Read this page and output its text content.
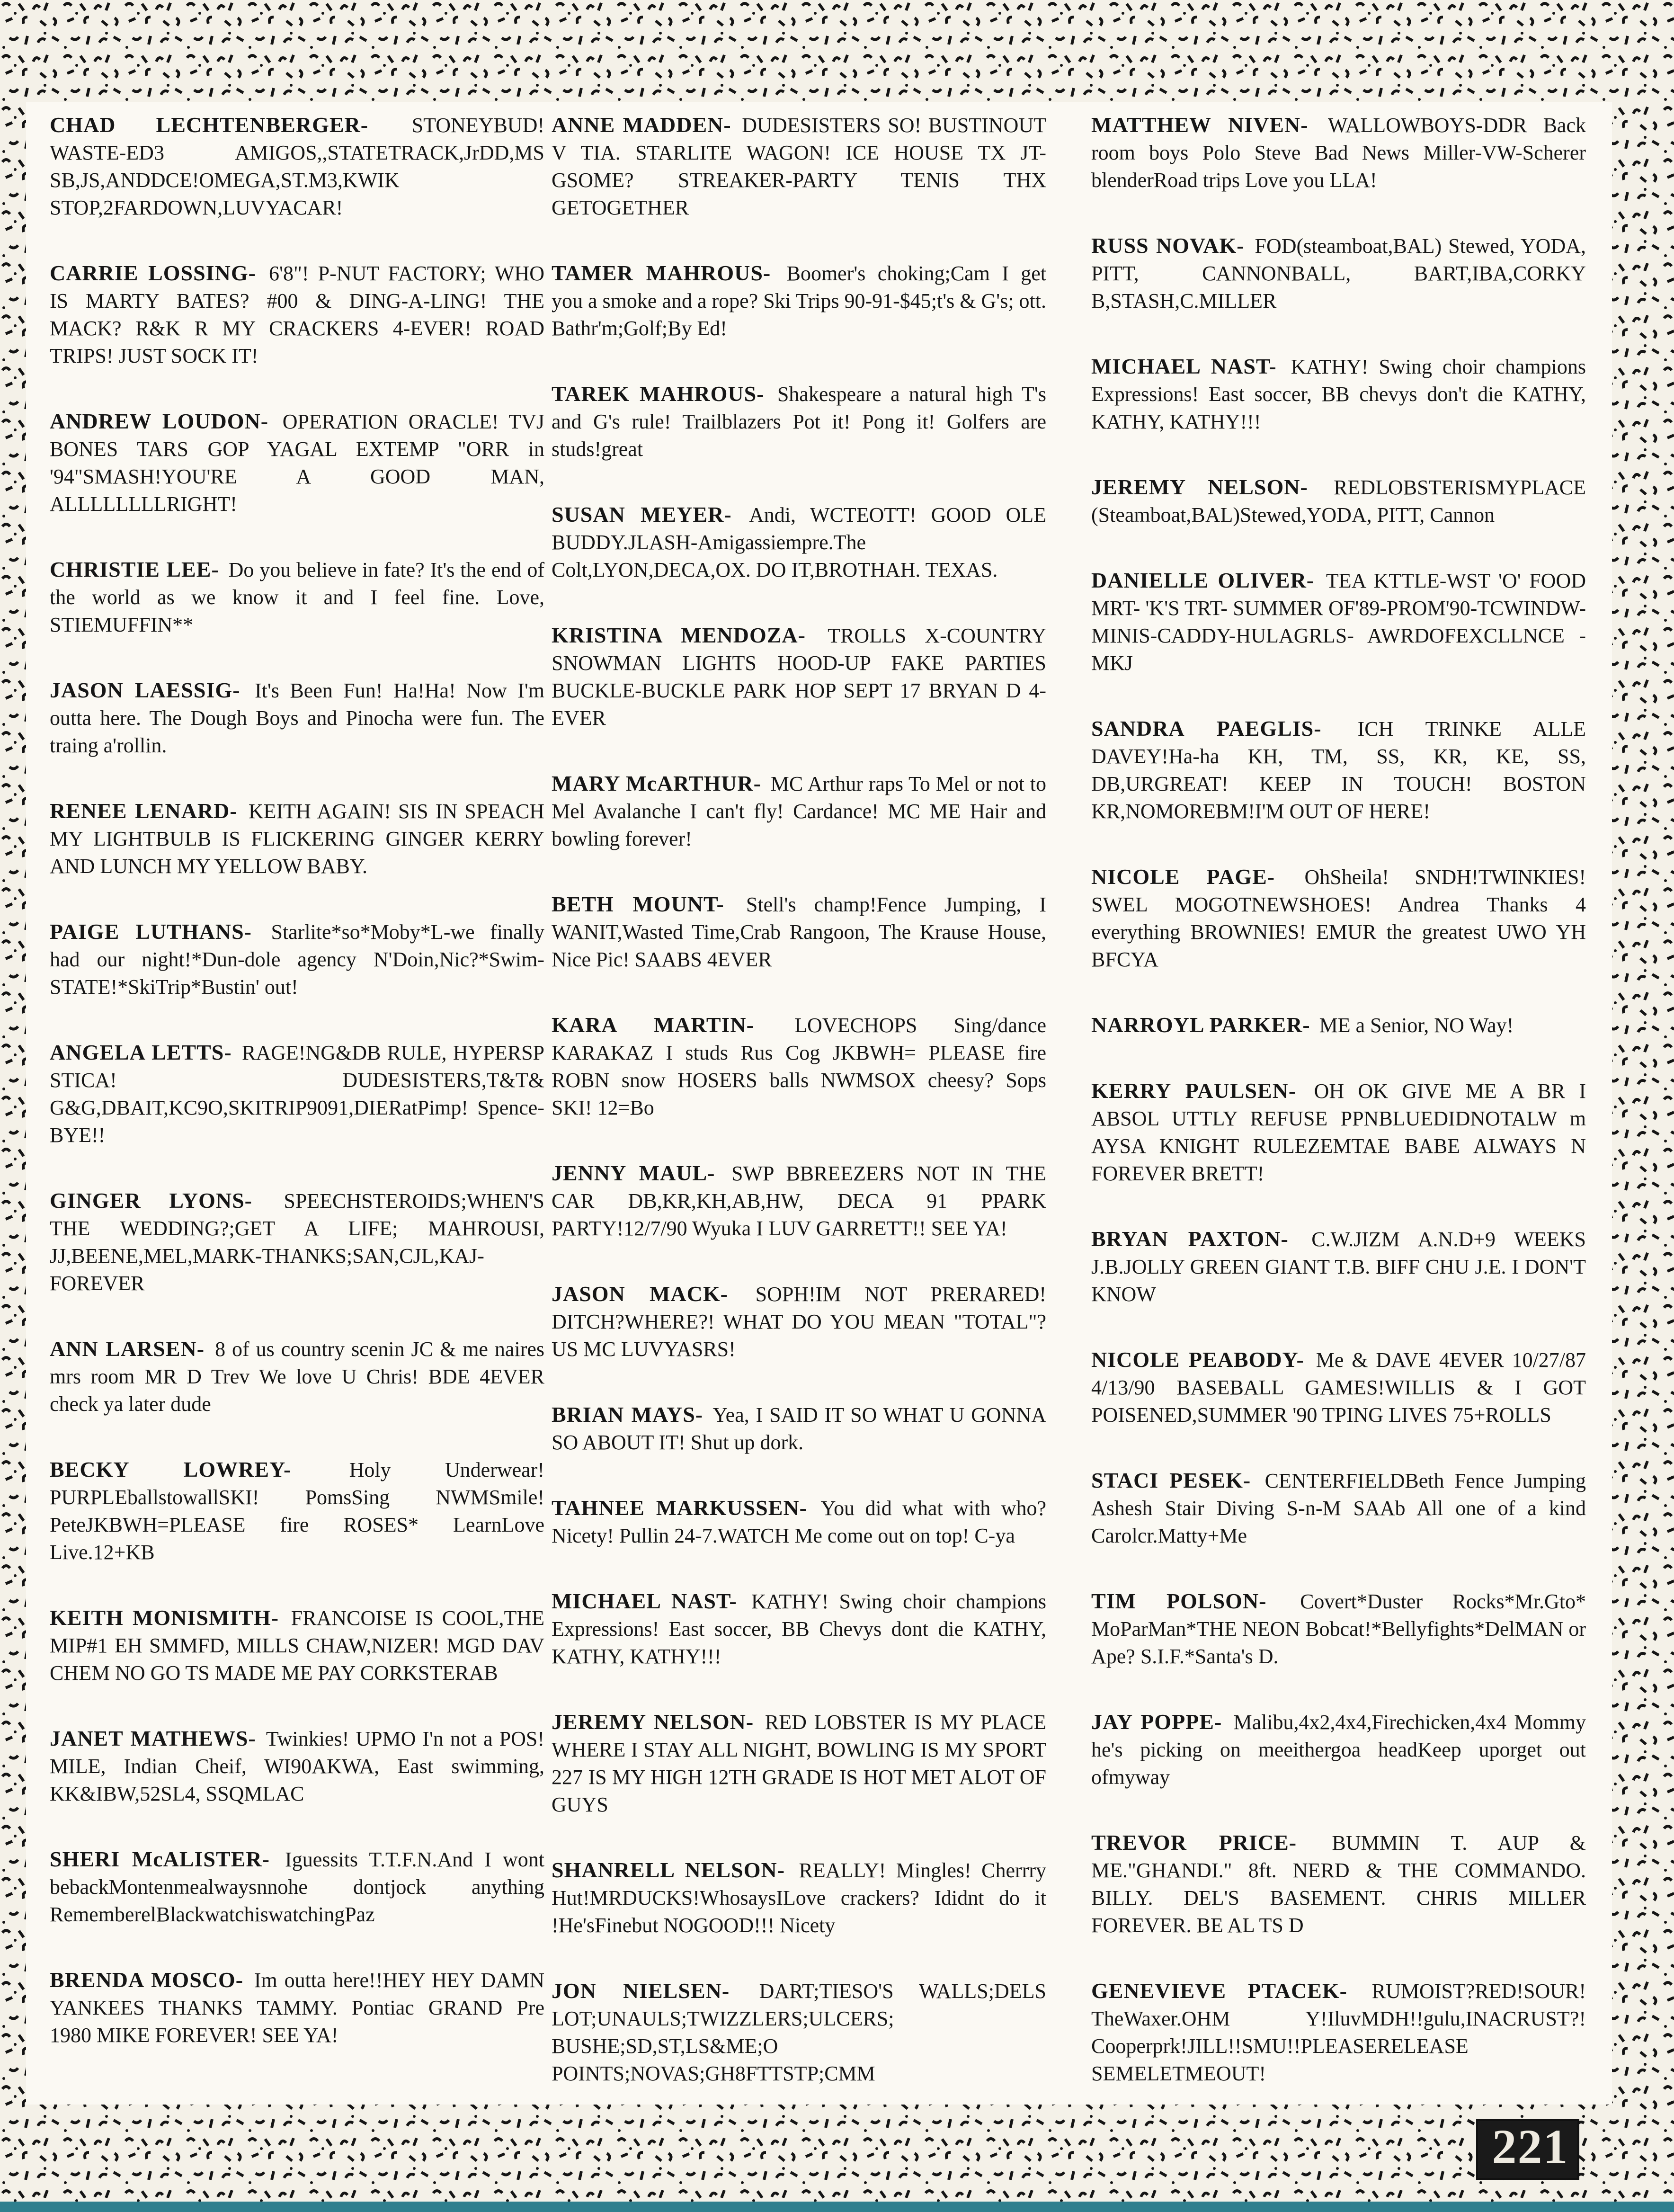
CHAD LECHTENBERGER- STONEYBUD! WASTE-ED3 AMIGOS,,STATETRACK,JrDD,MS SB,JS,ANDDCE!OMEGA,ST.M3,KWIK STOP,2FARDOWN,LUVYACAR!

CARRIE LOSSING- 6'8"! P-NUT FACTORY; WHO IS MARTY BATES? #00 & DING-A-LING! THE MACK? R&K R MY CRACKERS 4-EVER! ROAD TRIPS! JUST SOCK IT!

ANDREW LOUDON- OPERATION ORACLE! TVJ BONES TARS GOP YAGAL EXTEMP "ORR in '94"SMASH!YOU'RE A GOOD MAN, ALLLLLLLLRIGHT!

CHRISTIE LEE- Do you believe in fate? It's the end of the world as we know it and I feel fine. Love, STIEMUFFIN**

JASON LAESSIG- It's Been Fun! Ha!Ha! Now I'm outta here. The Dough Boys and Pinocha were fun. The traing a'rollin.

RENEE LENARD- KEITH AGAIN! SIS IN SPEACH MY LIGHTBULB IS FLICKERING GINGER KERRY AND LUNCH MY YELLOW BABY.

PAIGE LUTHANS- Starlite*so*Moby*L-we finally had our night!*Dun-dole agency N'Doin,Nic?*Swim-STATE!*SkiTrip*Bustin' out!

ANGELA LETTS- RAGE!NG&DB RULE, HYPERSP STICA! DUDESISTERS,T&T& G&G,DBAIT,KC9O,SKITRIP9091,DIERatPimp! Spence-BYE!!

GINGER LYONS- SPEECHSTEROIDS;WHEN'S THE WEDDING?;GET A LIFE; MAHROUSI, JJ,BEENE,MEL,MARK-THANKS;SAN,CJL,KAJ-FOREVER

ANN LARSEN- 8 of us country scenin JC & me naires mrs room MR D Trev We love U Chris! BDE 4EVER check ya later dude

BECKY LOWREY-	Holy Underwear! PURPLEballstowallSKI! PomsSing NWMSmile! PeteJKBWH=PLEASE fire ROSES* LearnLove Live.12+KB

KEITH MONISMITH- FRANCOISE IS COOL,THE MIP#1 EH SMMFD, MILLS CHAW,NIZER! MGD DAV CHEM NO GO TS MADE ME PAY CORKSTERAB

JANET MATHEWS- Twinkies! UPMO I'n not a POS! MILE, Indian Cheif, WI90AKWA, East swimming, KK&IBW,52SL4, SSQMLAC

SHERI McALISTER- Iguessits T.T.F.N.And I wont bebackMontenmealwaysnnohe dontjock anything RememberelBlackwatchiswatchingPaz

BRENDA MOSCO- Im outta here!!HEY HEY DAMN YANKEES THANKS TAMMY. Pontiac GRAND Pre 1980 MIKE FOREVER! SEE YA!

ANNE MADDEN- DUDESISTERS SO! BUSTINOUT V TIA. STARLITE WAGON! ICE HOUSE TX JT-GSOME? STREAKER-PARTY TENIS THX GETOGETHER

TAMER MAHROUS- Boomer's choking;Cam I get you a smoke and a rope? Ski Trips 90-91-$45;t's & G's; ott. Bathr'm;Golf;By Ed!

TAREK MAHROUS- Shakespeare a natural high T's and G's rule! Trailblazers Pot it! Pong it! Golfers are studs!great

SUSAN MEYER- Andi, WCTEOTT! GOOD OLE BUDDY.JLASH-Amigassiempre.The Colt,LYON,DECA,OX. DO IT,BROTHAH. TEXAS.

KRISTINA MENDOZA- TROLLS X-COUNTRY SNOWMAN LIGHTS HOOD-UP FAKE PARTIES BUCKLE-BUCKLE PARK HOP SEPT 17 BRYAN D 4-EVER

MARY McARTHUR- MC Arthur raps To Mel or not to Mel Avalanche I can't fly! Cardance! MC ME Hair and bowling forever!

BETH MOUNT- Stell's champ!Fence Jumping, I WANIT,Wasted Time,Crab Rangoon, The Krause House, Nice Pic! SAABS 4EVER

KARA MARTIN- LOVECHOPS Sing/dance KARAKAZ I studs Rus Cog JKBWH= PLEASE fire ROBN snow HOSERS balls NWMSOX cheesy? Sops SKI! 12=Bo

JENNY MAUL- SWP BBREEZERS NOT IN THE CAR DB,KR,KH,AB,HW, DECA 91 PPARK PARTY!12/7/90 Wyuka I LUV GARRETT!! SEE YA!

JASON MACK- SOPH!IM NOT PRERARED! DITCH?WHERE?! WHAT DO YOU MEAN "TOTAL"? US MC LUVYASRS!

BRIAN MAYS- Yea, I SAID IT SO WHAT U GONNA SO ABOUT IT! Shut up dork.

TAHNEE MARKUSSEN- You did what with who? Nicety! Pullin 24-7.WATCH Me come out on top! C-ya

MICHAEL NAST- KATHY! Swing choir champions Expressions! East soccer, BB Chevys dont die KATHY, KATHY, KATHY!!!

JEREMY NELSON- RED LOBSTER IS MY PLACE WHERE I STAY ALL NIGHT, BOWLING IS MY SPORT 227 IS MY HIGH 12TH GRADE IS HOT MET ALOT OF GUYS

SHANRELL NELSON- REALLY! Mingles! Cherrry Hut!MRDUCKS!WhosaysILove crackers? Ididnt do it !He'sFinebut NOGOOD!!! Nicety

JON NIELSEN- DART;TIESO'S WALLS;DELS LOT;UNAULS;TWIZZLERS;ULCERS; BUSHE;SD,ST,LS&ME;O POINTS;NOVAS;GH8FTTSTP;CMM

MATTHEW NIVEN- WALLOWBOYS-DDR Back room boys Polo Steve Bad News Miller-VW-Scherer blenderRoad trips Love you LLA!

RUSS NOVAK- FOD(steamboat,BAL) Stewed, YODA, PITT, CANNONBALL, BART,IBA,CORKY B,STASH,C.MILLER

MICHAEL NAST- KATHY! Swing choir champions Expressions! East soccer, BB chevys don't die KATHY, KATHY, KATHY!!!

JEREMY NELSON- REDLOBSTERISMYPLACE (Steamboat,BAL)Stewed,YODA, PITT, Cannon

DANIELLE OLIVER- TEA KTTLE-WST 'O' FOOD MRT- 'K'S TRT- SUMMER OF'89-PROM'90-TCWINDW-MINIS-CADDY-HULAGRLS- AWRDOFEXCLLNCE -MKJ

SANDRA PAEGLIS- ICH TRINKE ALLE DAVEY!Ha-ha KH, TM, SS, KR, KE, SS, DB,URGREAT! KEEP IN TOUCH! BOSTON KR,NOMOREBM!I'M OUT OF HERE!

NICOLE PAGE- OhSheila! SNDH!TWINKIES! SWEL MOGOTNEWSHOES! Andrea Thanks 4 everything BROWNIES! EMUR the greatest UWO YH BFCYA

NARROYL PARKER- ME a Senior, NO Way!

KERRY PAULSEN- OH OK GIVE ME A BR I ABSOL UTTLY REFUSE PPNBLUEDIDNOTALW m AYSA KNIGHT RULEZEMTAE BABE ALWAYS N FOREVER BRETT!

BRYAN PAXTON- C.W.JIZM A.N.D+9 WEEKS J.B.JOLLY GREEN GIANT T.B. BIFF CHU J.E. I DON'T KNOW

NICOLE PEABODY- Me & DAVE 4EVER 10/27/87 4/13/90 BASEBALL GAMES!WILLIS & I GOT POISENED,SUMMER '90 TPING LIVES 75+ROLLS

STACI PESEK- CENTERFIELDBeth Fence Jumping Ashesh Stair Diving S-n-M SAAb All one of a kind Carolcr.Matty+Me

TIM POLSON- Covert*Duster Rocks*Mr.Gto* MoParMan*THE NEON Bobcat!*Bellyfights*DelMAN or Ape? S.I.F.*Santa's D.

JAY POPPE- Malibu,4x2,4x4,Firechicken,4x4 Mommy he's picking on meeithergoa headKeep uporget out ofmyway

TREVOR PRICE- BUMMIN T. AUP & ME."GHANDI." 8ft. NERD & THE COMMANDO. BILLY. DEL'S BASEMENT. CHRIS MILLER FOREVER. BE AL TS D

GENEVIEVE PTACEK- RUMOIST?RED!SOUR! TheWaxer.OHM Y!IluvMDH!!gulu,INACRUST?! Cooperprk!JILL!!SMU!!PLEASERELEASE SEMELETMEOUT!

221
